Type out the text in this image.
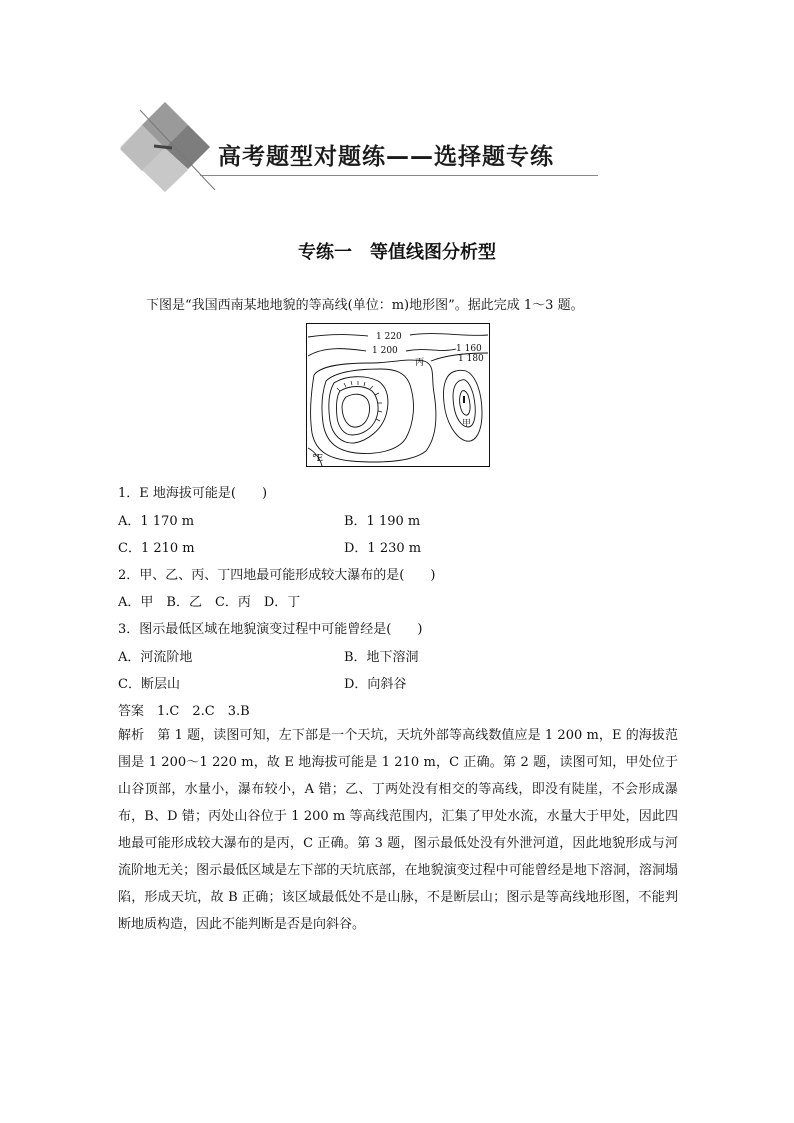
高考题型对题练——选择题专练
专练一　等值线图分析型
下图是“我国西南某地地貌的等高线(单位：m)地形图”。据此完成 1～3 题。
1 220
1 200	1 160
1 180
丙
甲
°E
1．E 地海拔可能是(　　)
A．1 170 m	B．1 190 m
C．1 210 m	D．1 230 m
2．甲、乙、丙、丁四地最可能形成较大瀑布的是(　　)
A．甲　B．乙　C．丙　D．丁
3．图示最低区域在地貌演变过程中可能曾经是(　　)
A．河流阶地	B．地下溶洞
C．断层山	D．向斜谷
答案　1.C　2.C　3.B
解析　第 1 题，读图可知，左下部是一个天坑，天坑外部等高线数值应是 1 200 m，E 的海拔范围是 1 200～1 220 m，故 E 地海拔可能是 1 210 m，C 正确。第 2 题，读图可知，甲处位于山谷顶部，水量小，瀑布较小，A 错；乙、丁两处没有相交的等高线，即没有陡崖，不会形成瀑布，B、D 错；丙处山谷位于 1 200 m 等高线范围内，汇集了甲处水流，水量大于甲处，因此四地最可能形成较大瀑布的是丙，C 正确。第 3 题，图示最低处没有外泄河道，因此地貌形成与河流阶地无关；图示最低区域是左下部的天坑底部，在地貌演变过程中可能曾经是地下溶洞，溶洞塌陷，形成天坑，故 B 正确；该区域最低处不是山脉，不是断层山；图示是等高线地形图，不能判断地质构造，因此不能判断是否是向斜谷。
